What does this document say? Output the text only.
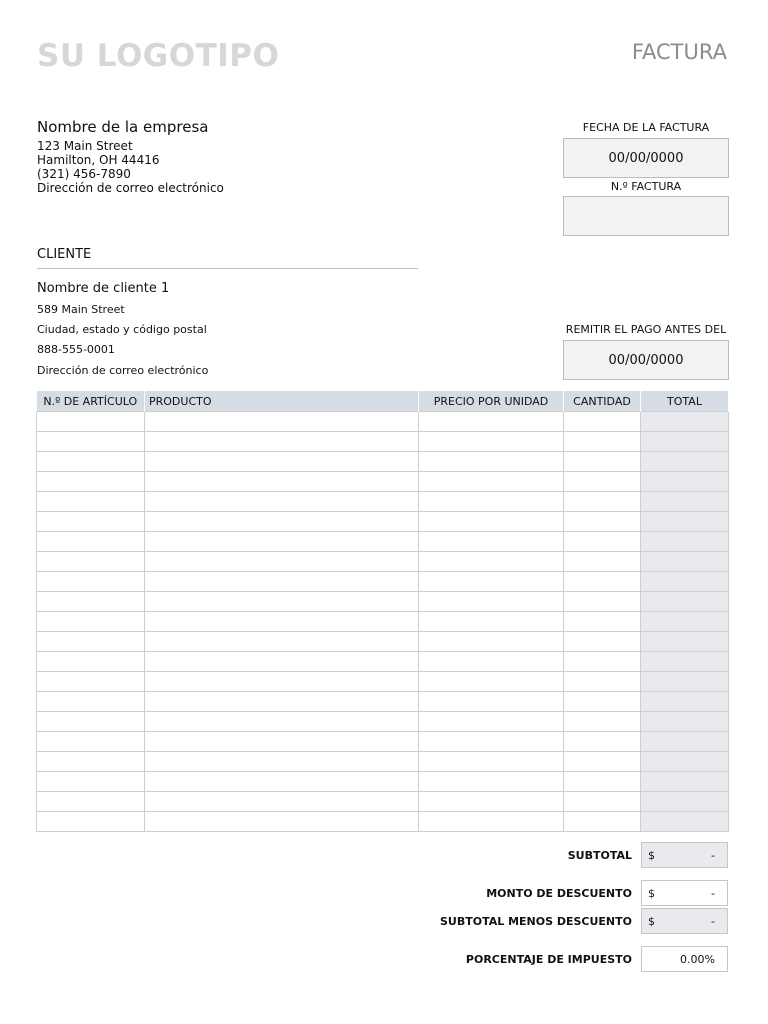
SU LOGOTIPO	FACTURA
Nombre de la empresa
123 Main Street
Hamilton, OH 44416
(321) 456-7890
Dirección de correo electrónico
FECHA DE LA FACTURA
00/00/0000
N.º FACTURA
CLIENTE
Nombre de cliente 1
589 Main Street
Ciudad, estado y código postal
888-555-0001
Dirección de correo electrónico
REMITIR EL PAGO ANTES DEL
00/00/0000
N.º DE ARTÍCULO	PRODUCTO	PRECIO POR UNIDAD	CANTIDAD	TOTAL

SUBTOTAL $	-
MONTO DE DESCUENTO $	-
SUBTOTAL MENOS DESCUENTO $	-
PORCENTAJE DE IMPUESTO	0.00%
